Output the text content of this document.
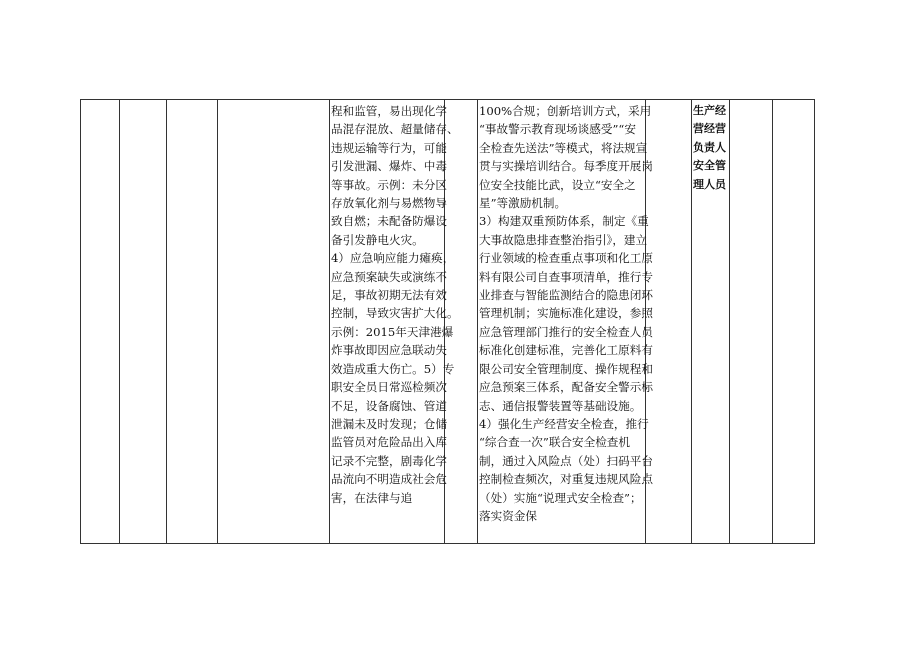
程和监管，易出现化学
品混存混放、超量储存、
违规运输等行为，可能
引发泄漏、爆炸、中毒
等事故。示例：未分区
存放氧化剂与易燃物导
致自燃；未配备防爆设
备引发静电火灾。
4）应急响应能力瘫痪，
应急预案缺失或演练不
足，事故初期无法有效
控制，导致灾害扩大化。
示例：2015年天津港爆
炸事故即因应急联动失
效造成重大伤亡。5）专
职安全员日常巡检频次
不足，设备腐蚀、管道
泄漏未及时发现；仓储
监管员对危险品出入库
记录不完整，剧毒化学
品流向不明造成社会危
害，在法律与追
100%合规；创新培训方式，采用
“事故警示教育现场谈感受”“安
全检查先送法”等模式，将法规宣
贯与实操培训结合。每季度开展岗
位安全技能比武，设立“安全之
星”等激励机制。
3）构建双重预防体系，制定《重
大事故隐患排查整治指引》，建立
行业领域的检查重点事项和化工原
料有限公司自查事项清单，推行专
业排查与智能监测结合的隐患闭环
管理机制；实施标准化建设，参照
应急管理部门推行的安全检查人员
标准化创建标准，完善化工原料有
限公司安全管理制度、操作规程和
应急预案三体系，配备安全警示标
志、通信报警装置等基础设施。
4）强化生产经营安全检查，推行
“综合查一次”联合安全检查机
制，通过入风险点（处）扫码平台
控制检查频次，对重复违规风险点
（处）实施“说理式安全检查”；
落实资金保
生产经
营经营
负责人
安全管
理人员
